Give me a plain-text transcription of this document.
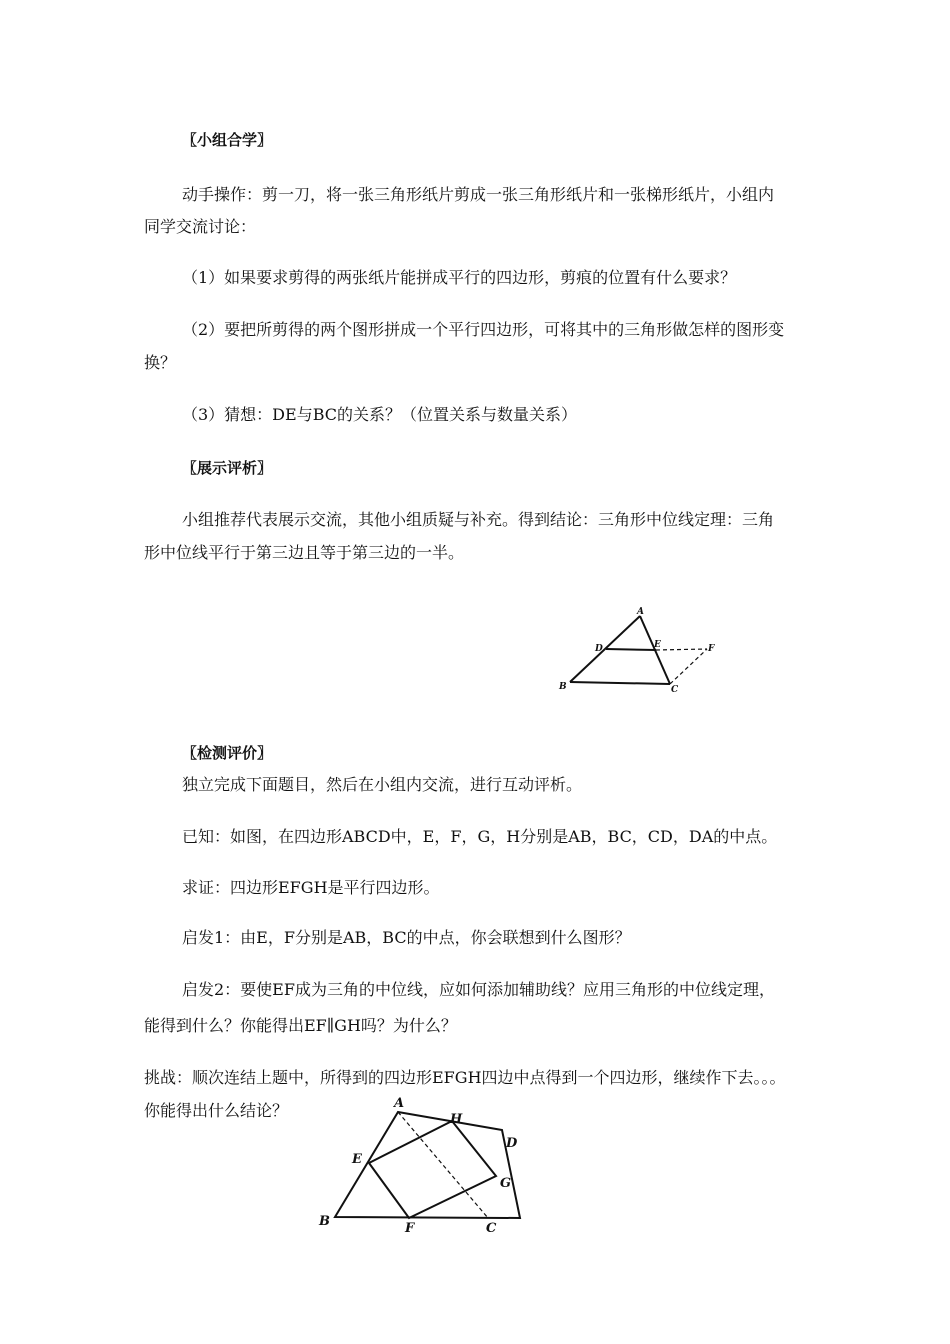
〖小组合学〗
动手操作：剪一刀，将一张三角形纸片剪成一张三角形纸片和一张梯形纸片，小组内
同学交流讨论：
（1）如果要求剪得的两张纸片能拼成平行的四边形，剪痕的位置有什么要求？
（2）要把所剪得的两个图形拼成一个平行四边形，可将其中的三角形做怎样的图形变
换？
（3）猜想：DE与BC的关系？（位置关系与数量关系）
〖展示评析〗
小组推荐代表展示交流，其他小组质疑与补充。得到结论：三角形中位线定理：三角
形中位线平行于第三边且等于第三边的一半。
A
B	C
D	E	F
〖检测评价〗
独立完成下面题目，然后在小组内交流，进行互动评析。
已知：如图，在四边形ABCD中，E，F，G，H分别是AB，BC，CD，DA的中点。
求证：四边形EFGH是平行四边形。
启发1：由E，F分别是AB，BC的中点，你会联想到什么图形？
启发2：要使EF成为三角的中位线，应如何添加辅助线？应用三角形的中位线定理，
能得到什么？你能得出EF∥GH吗？为什么？
挑战：顺次连结上题中，所得到的四边形EFGH四边中点得到一个四边形，继续作下去。。。
你能得出什么结论？	A
H
D
E
G
B	F	C
